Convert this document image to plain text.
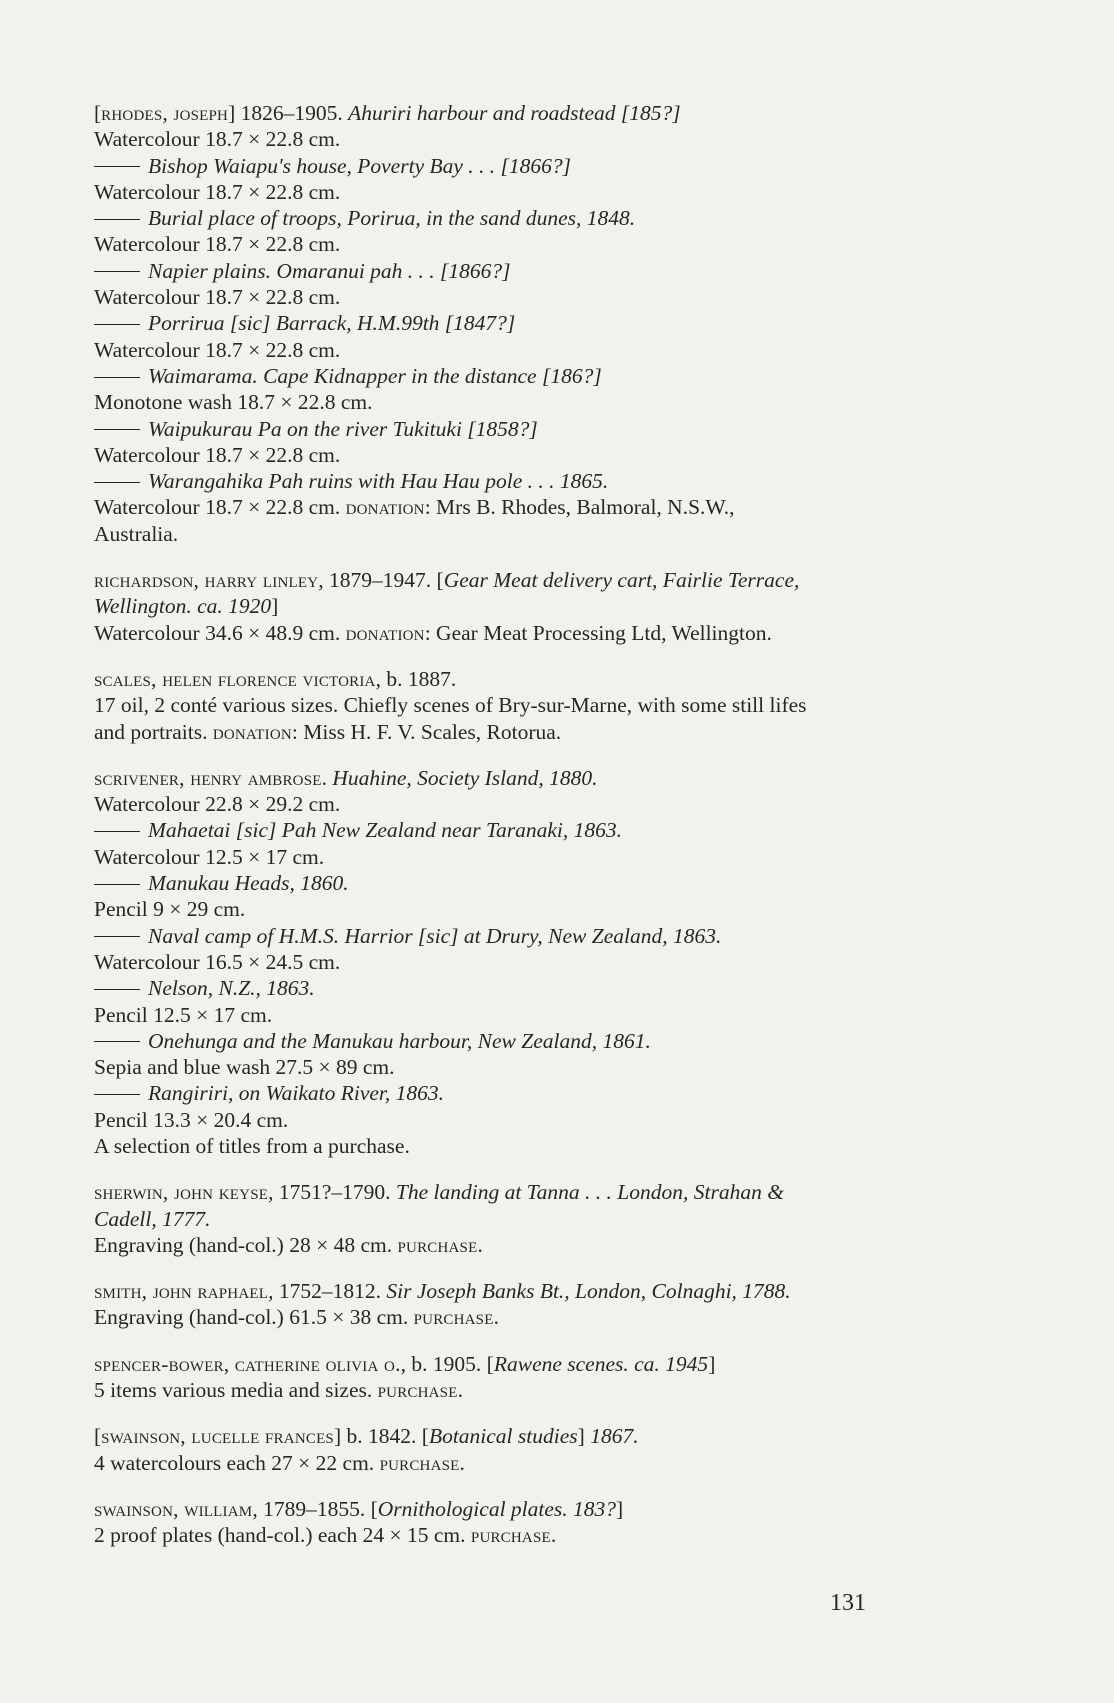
[rhodes, joseph] 1826–1905. Ahuriri harbour and roadstead [185?]
Watercolour 18.7 × 22.8 cm.
Bishop Waiapu's house, Poverty Bay . . . [1866?]
Watercolour 18.7 × 22.8 cm.
Burial place of troops, Porirua, in the sand dunes, 1848.
Watercolour 18.7 × 22.8 cm.
Napier plains. Omaranui pah . . . [1866?]
Watercolour 18.7 × 22.8 cm.
Porrirua [sic] Barrack, H.M.99th [1847?]
Watercolour 18.7 × 22.8 cm.
Waimarama. Cape Kidnapper in the distance [186?]
Monotone wash 18.7 × 22.8 cm.
Waipukurau Pa on the river Tukituki [1858?]
Watercolour 18.7 × 22.8 cm.
Warangahika Pah ruins with Hau Hau pole . . . 1865.
Watercolour 18.7 × 22.8 cm. donation: Mrs B. Rhodes, Balmoral, N.S.W.,
Australia.
richardson, harry linley, 1879–1947. [Gear Meat delivery cart, Fairlie Terrace,
Wellington. ca. 1920]
Watercolour 34.6 × 48.9 cm. donation: Gear Meat Processing Ltd, Wellington.
scales, helen florence victoria, b. 1887.
17 oil, 2 conté various sizes. Chiefly scenes of Bry-sur-Marne, with some still lifes
and portraits. donation: Miss H. F. V. Scales, Rotorua.
scrivener, henry ambrose. Huahine, Society Island, 1880.
Watercolour 22.8 × 29.2 cm.
Mahaetai [sic] Pah New Zealand near Taranaki, 1863.
Watercolour 12.5 × 17 cm.
Manukau Heads, 1860.
Pencil 9 × 29 cm.
Naval camp of H.M.S. Harrior [sic] at Drury, New Zealand, 1863.
Watercolour 16.5 × 24.5 cm.
Nelson, N.Z., 1863.
Pencil 12.5 × 17 cm.
Onehunga and the Manukau harbour, New Zealand, 1861.
Sepia and blue wash 27.5 × 89 cm.
Rangiriri, on Waikato River, 1863.
Pencil 13.3 × 20.4 cm.
A selection of titles from a purchase.
sherwin, john keyse, 1751?–1790. The landing at Tanna . . . London, Strahan &
Cadell, 1777.
Engraving (hand-col.) 28 × 48 cm. purchase.
smith, john raphael, 1752–1812. Sir Joseph Banks Bt., London, Colnaghi, 1788.
Engraving (hand-col.) 61.5 × 38 cm. purchase.
spencer-bower, catherine olivia o., b. 1905. [Rawene scenes. ca. 1945]
5 items various media and sizes. purchase.
[swainson, lucelle frances] b. 1842. [Botanical studies] 1867.
4 watercolours each 27 × 22 cm. purchase.
swainson, william, 1789–1855. [Ornithological plates. 183?]
2 proof plates (hand-col.) each 24 × 15 cm. purchase.
131
